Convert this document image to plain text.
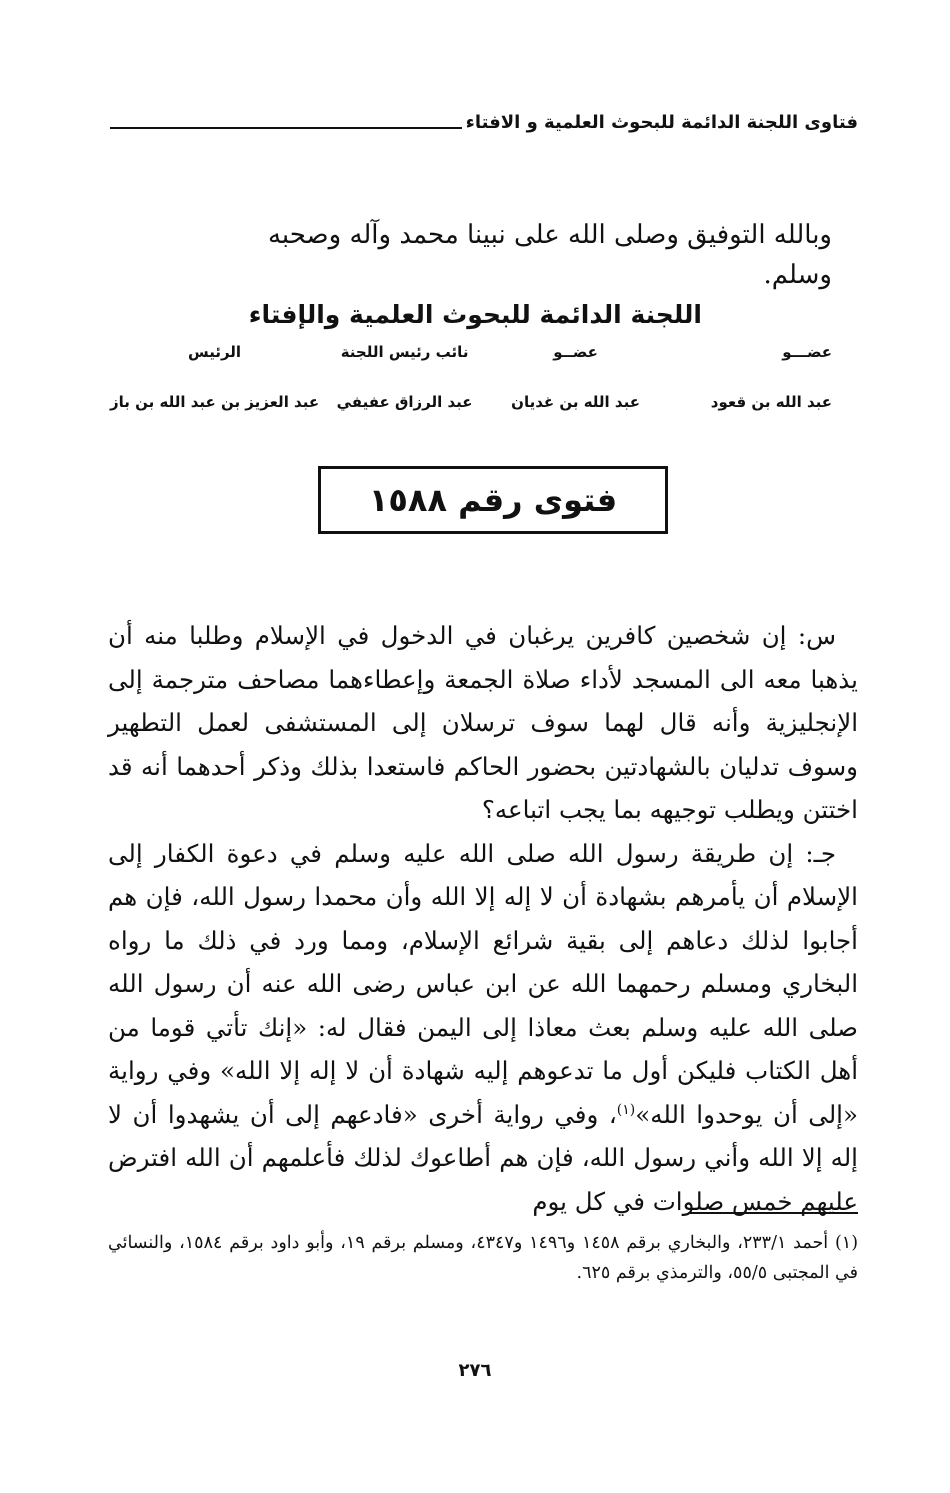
فتاوى اللجنة الدائمة للبحوث العلمية و الافتاء
وبالله التوفيق وصلى الله على نبينا محمد وآله وصحبه وسلم.
اللجنة الدائمة للبحوث العلمية والإفتاء
عضـــو
عبد الله بن قعود
عضــو
عبد الله بن غديان
نائب رئيس اللجنة
عبد الرزاق عفيفي
الرئيس
عبد العزيز بن عبد الله بن باز
فتوى رقم ١٥٨٨

س: إن شخصين كافرين يرغبان في الدخول في الإسلام وطلبا منه أن يذهبا معه الى المسجد لأداء صلاة الجمعة وإعطاءهما مصاحف مترجمة إلى الإنجليزية وأنه قال لهما سوف ترسلان إلى المستشفى لعمل التطهير وسوف تدليان بالشهادتين بحضور الحاكم فاستعدا بذلك وذكر أحدهما أنه قد اختتن ويطلب توجيهه بما يجب اتباعه؟

جـ: إن طريقة رسول الله صلى الله عليه وسلم في دعوة الكفار إلى الإسلام أن يأمرهم بشهادة أن لا إله إلا الله وأن محمدا رسول الله، فإن هم أجابوا لذلك دعاهم إلى بقية شرائع الإسلام، ومما ورد في ذلك ما رواه البخاري ومسلم رحمهما الله عن ابن عباس رضى الله عنه أن رسول الله صلى الله عليه وسلم بعث معاذا إلى اليمن فقال له: «إنك تأتي قوما من أهل الكتاب فليكن أول ما تدعوهم إليه شهادة أن لا إله إلا الله» وفي رواية «إلى أن يوحدوا الله»$^{(١)}$، وفي رواية أخرى «فادعهم إلى أن يشهدوا أن لا إله إلا الله وأني رسول الله، فإن هم أطاعوك لذلك فأعلمهم أن الله افترض عليهم خمس صلوات في كل يوم

(١) أحمد ٢٣٣/١، والبخاري برقم ١٤٥٨ و١٤٩٦ و٤٣٤٧، ومسلم برقم ١٩، وأبو داود برقم ١٥٨٤، والنسائي في المجتبى ٥٥/٥، والترمذي برقم ٦٢٥.
٢٧٦
